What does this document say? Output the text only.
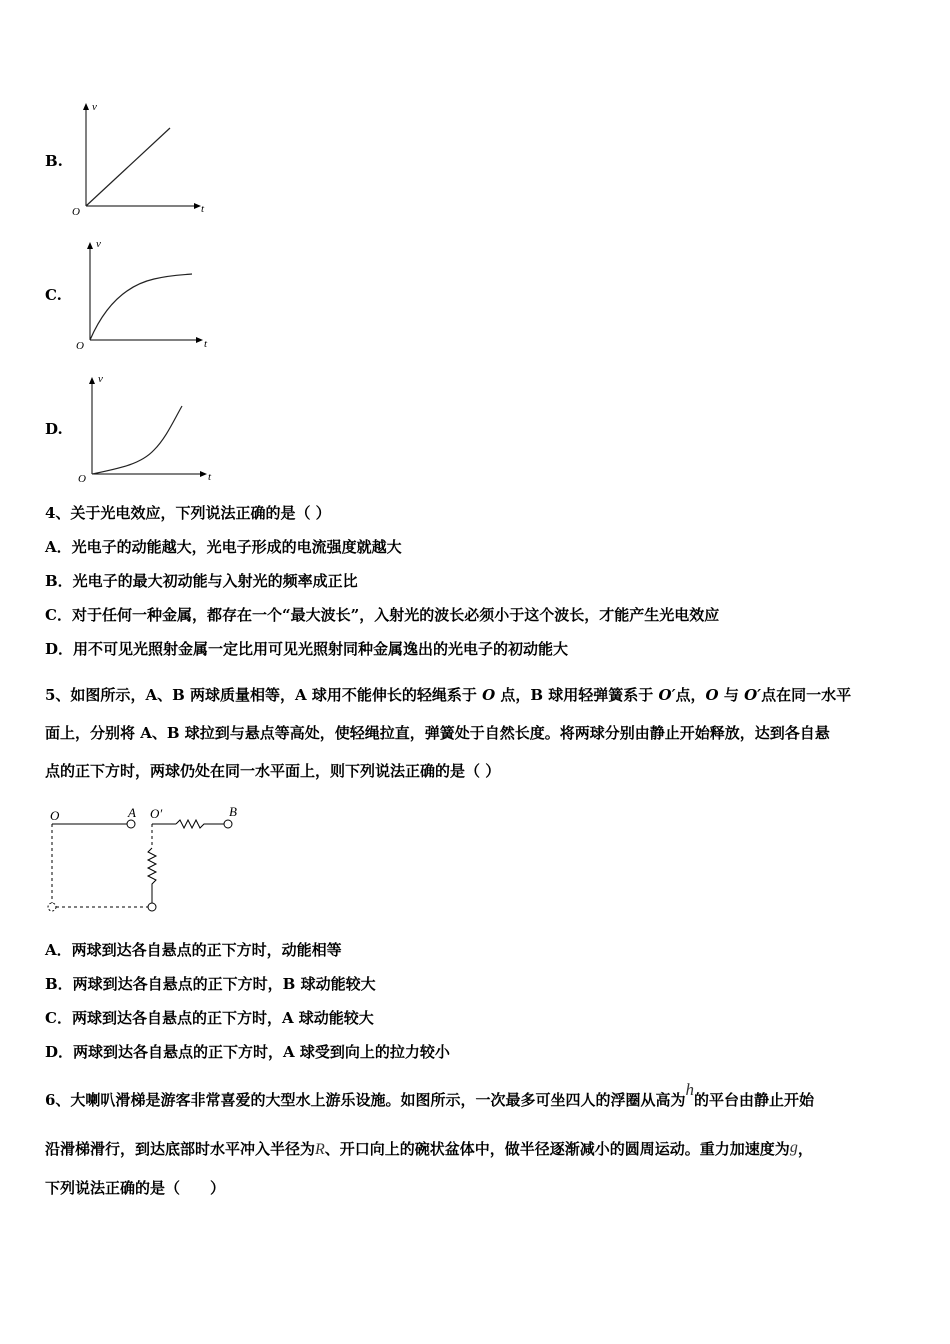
B.
v
t
O
C.
v
t
O
D.
v
t
O
4、关于光电效应，下列说法正确的是（ ）
A．光电子的动能越大，光电子形成的电流强度就越大
B．光电子的最大初动能与入射光的频率成正比
C．对于任何一种金属，都存在一个“最大波长”，入射光的波长必须小于这个波长，才能产生光电效应
D．用不可见光照射金属一定比用可见光照射同种金属逸出的光电子的初动能大
5、如图所示，A、B 两球质量相等，A 球用不能伸长的轻绳系于 O 点，B 球用轻弹簧系于 O′点，O 与 O′点在同一水平
面上，分别将 A、B 球拉到与悬点等高处，使轻绳拉直，弹簧处于自然长度。将两球分别由静止开始释放，达到各自悬
点的正下方时，两球仍处在同一水平面上，则下列说法正确的是（ ）
O	A O′	B
A．两球到达各自悬点的正下方时，动能相等
B．两球到达各自悬点的正下方时，B 球动能较大
C．两球到达各自悬点的正下方时，A 球动能较大
D．两球到达各自悬点的正下方时，A 球受到向上的拉力较小
6、大喇叭滑梯是游客非常喜爱的大型水上游乐设施。如图所示，一次最多可坐四人的浮圈从高为h的平台由静止开始
沿滑梯滑行，到达底部时水平冲入半径为R、开口向上的碗状盆体中，做半径逐渐减小的圆周运动。重力加速度为g，
下列说法正确的是（　　）
